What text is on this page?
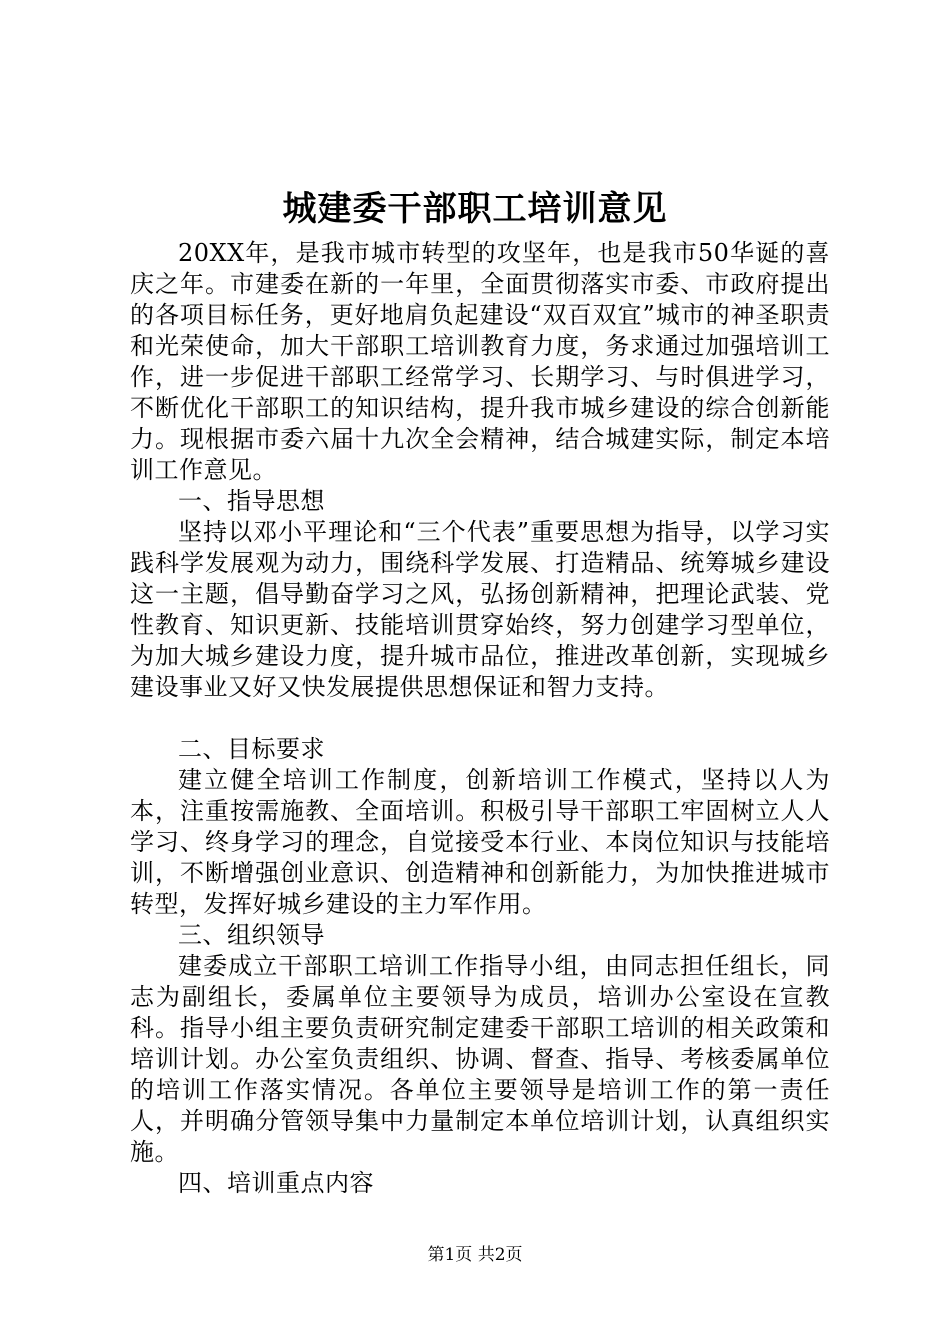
城建委干部职工培训意见

20XX年，是我市城市转型的攻坚年，也是我市50华诞的喜庆之年。市建委在新的一年里，全面贯彻落实市委、市政府提出的各项目标任务，更好地肩负起建设“双百双宜”城市的神圣职责和光荣使命，加大干部职工培训教育力度，务求通过加强培训工作，进一步促进干部职工经常学习、长期学习、与时俱进学习，不断优化干部职工的知识结构，提升我市城乡建设的综合创新能力。现根据市委六届十九次全会精神，结合城建实际，制定本培训工作意见。

一、指导思想

坚持以邓小平理论和“三个代表”重要思想为指导，以学习实践科学发展观为动力，围绕科学发展、打造精品、统筹城乡建设这一主题，倡导勤奋学习之风，弘扬创新精神，把理论武装、党性教育、知识更新、技能培训贯穿始终，努力创建学习型单位，为加大城乡建设力度，提升城市品位，推进改革创新，实现城乡建设事业又好又快发展提供思想保证和智力支持。

二、目标要求

建立健全培训工作制度，创新培训工作模式，坚持以人为本，注重按需施教、全面培训。积极引导干部职工牢固树立人人学习、终身学习的理念，自觉接受本行业、本岗位知识与技能培训，不断增强创业意识、创造精神和创新能力，为加快推进城市转型，发挥好城乡建设的主力军作用。

三、组织领导

建委成立干部职工培训工作指导小组，由同志担任组长，同志为副组长，委属单位主要领导为成员，培训办公室设在宣教科。指导小组主要负责研究制定建委干部职工培训的相关政策和培训计划。办公室负责组织、协调、督查、指导、考核委属单位的培训工作落实情况。各单位主要领导是培训工作的第一责任人，并明确分管领导集中力量制定本单位培训计划，认真组织实施。

四、培训重点内容

第1页 共2页
